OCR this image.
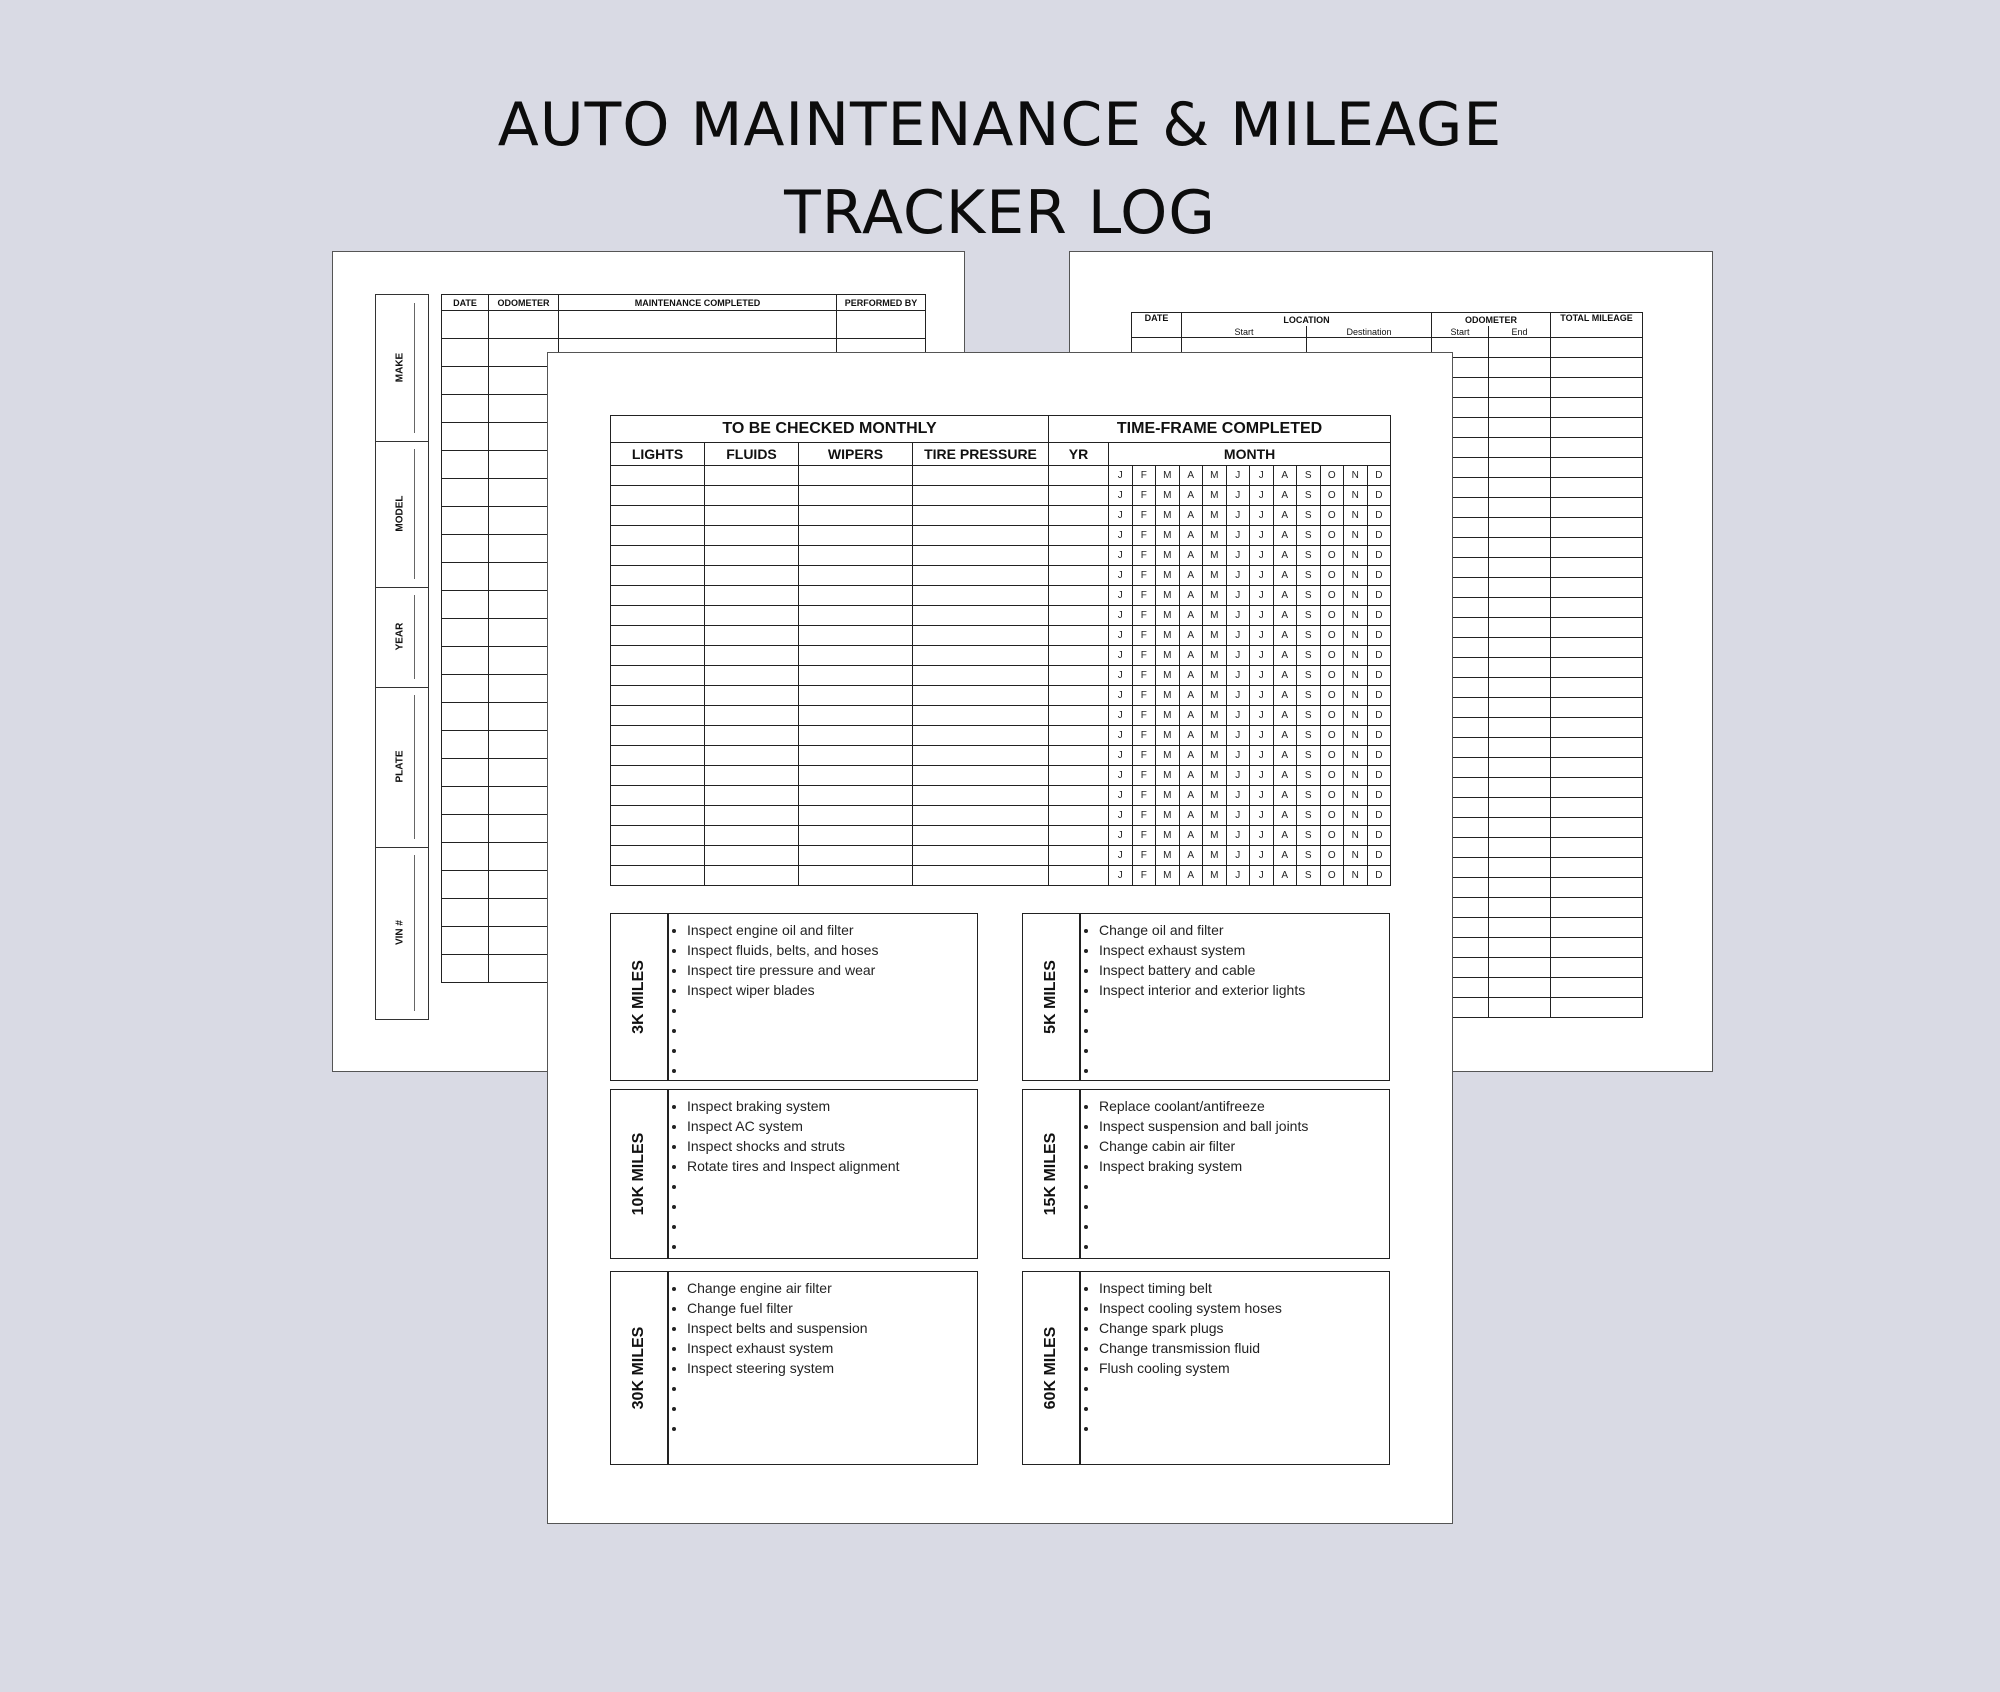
AUTO MAINTENANCE & MILEAGE
TRACKER LOG
MAKE
MODEL
YEAR
PLATE
VIN #
DATE	ODOMETER	MAINTENANCE COMPLETED	PERFORMED BY

DATE	LOCATION		ODOMETER		TOTAL MILEAGE
	Start	Destination	Start	End	

TO BE CHECKED MONTHLY				TIME-FRAME COMPLETED												
LIGHTS	FLUIDS	WIPERS	TIRE PRESSURE	YR	MONTH											
					J	F	M	A	M	J	J	A	S	O	N	D
					J	F	M	A	M	J	J	A	S	O	N	D
					J	F	M	A	M	J	J	A	S	O	N	D
					J	F	M	A	M	J	J	A	S	O	N	D
					J	F	M	A	M	J	J	A	S	O	N	D
					J	F	M	A	M	J	J	A	S	O	N	D
					J	F	M	A	M	J	J	A	S	O	N	D
					J	F	M	A	M	J	J	A	S	O	N	D
					J	F	M	A	M	J	J	A	S	O	N	D
					J	F	M	A	M	J	J	A	S	O	N	D
					J	F	M	A	M	J	J	A	S	O	N	D
					J	F	M	A	M	J	J	A	S	O	N	D
					J	F	M	A	M	J	J	A	S	O	N	D
					J	F	M	A	M	J	J	A	S	O	N	D
					J	F	M	A	M	J	J	A	S	O	N	D
					J	F	M	A	M	J	J	A	S	O	N	D
					J	F	M	A	M	J	J	A	S	O	N	D
					J	F	M	A	M	J	J	A	S	O	N	D
					J	F	M	A	M	J	J	A	S	O	N	D
					J	F	M	A	M	J	J	A	S	O	N	D
					J	F	M	A	M	J	J	A	S	O	N	D
3K MILES
• Inspect engine oil and filter
• Inspect fluids, belts, and hoses
• Inspect tire pressure and wear
• Inspect wiper blades • •
•
•	5K MILES
• Change oil and filter
• Inspect exhaust system
• Inspect battery and cable
• Inspect interior and exterior lights
•
•
•
•
10K MILES
• Inspect braking system
• Inspect AC system
• Inspect shocks and struts
• Rotate tires and Inspect alignment • •
•
•	15K MILES
• Replace coolant/antifreeze
• Inspect suspension and ball joints
• Change cabin air filter
• Inspect braking system
•
•
•
•
30K MILES
• Change engine air filter
• Change fuel filter
• Inspect belts and suspension
• Inspect exhaust system
• Inspect steering system • •
•	60K MILES
• Inspect timing belt
• Inspect cooling system hoses
• Change spark plugs
• Change transmission fluid
• Flush cooling system
•
•
•
